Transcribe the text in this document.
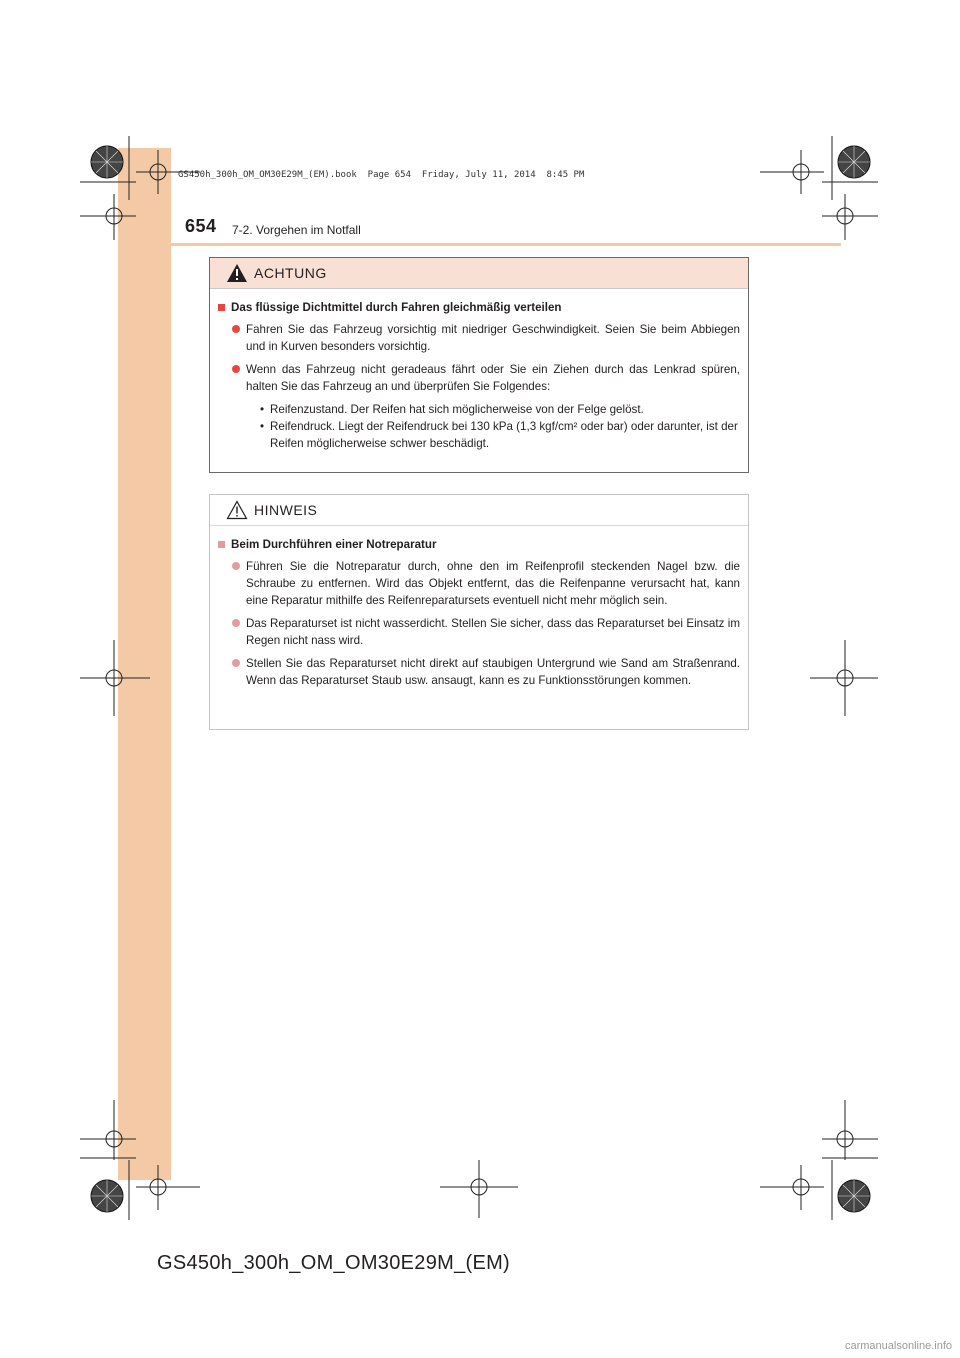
GS450h_300h_OM_OM30E29M_(EM).book  Page 654  Friday, July 11, 2014  8:45 PM
654 7-2. Vorgehen im Notfall
ACHTUNG
Das flüssige Dichtmittel durch Fahren gleichmäßig verteilen
Fahren Sie das Fahrzeug vorsichtig mit niedriger Geschwindigkeit. Seien Sie beim Abbiegen und in Kurven besonders vorsichtig.
Wenn das Fahrzeug nicht geradeaus fährt oder Sie ein Ziehen durch das Lenkrad spüren, halten Sie das Fahrzeug an und überprüfen Sie Folgendes:
• Reifenzustand. Der Reifen hat sich möglicherweise von der Felge gelöst.
• Reifendruck. Liegt der Reifendruck bei 130 kPa (1,3 kgf/cm² oder bar) oder darunter, ist der Reifen möglicherweise schwer beschädigt.
HINWEIS
Beim Durchführen einer Notreparatur
Führen Sie die Notreparatur durch, ohne den im Reifenprofil steckenden Nagel bzw. die Schraube zu entfernen. Wird das Objekt entfernt, das die Reifenpanne verursacht hat, kann eine Reparatur mithilfe des Reifenreparatursets eventuell nicht mehr möglich sein.
Das Reparaturset ist nicht wasserdicht. Stellen Sie sicher, dass das Reparaturset bei Einsatz im Regen nicht nass wird.
Stellen Sie das Reparaturset nicht direkt auf staubigen Untergrund wie Sand am Straßenrand. Wenn das Reparaturset Staub usw. ansaugt, kann es zu Funktionsstörungen kommen.
GS450h_300h_OM_OM30E29M_(EM)
carmanualsonline.info
